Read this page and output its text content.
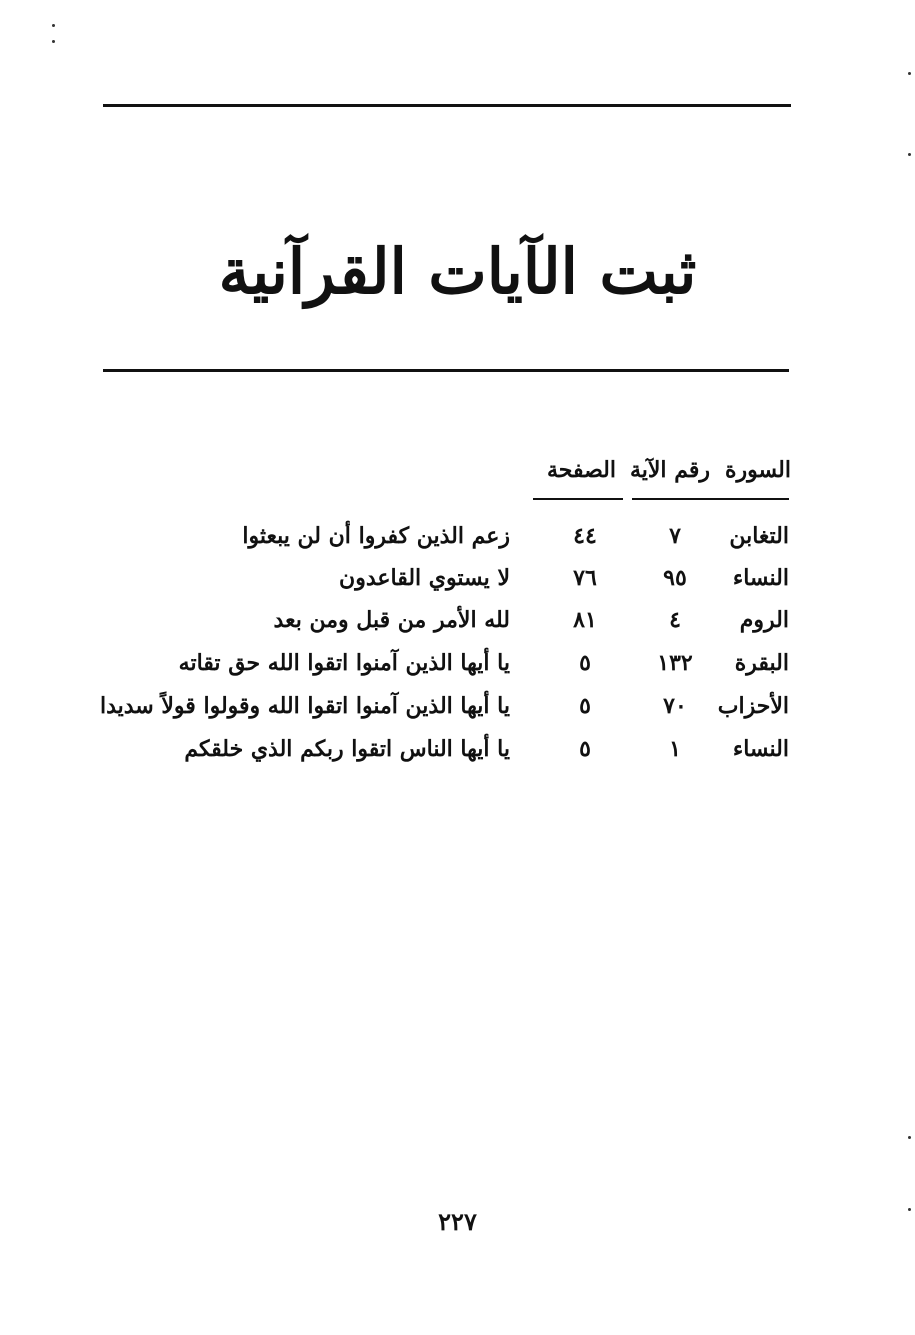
ثبت الآيات القرآنية
السورة
رقم الآية
الصفحة
التغابن
٧
٤٤
زعم الذين كفروا أن لن يبعثوا
النساء
٩٥
٧٦
لا يستوي القاعدون
الروم
٤
٨١
لله الأمر من قبل ومن بعد
البقرة
١٣٢
٥
يا أيها الذين آمنوا اتقوا الله حق تقاته
الأحزاب
٧٠
٥
يا أيها الذين آمنوا اتقوا الله وقولوا قولاً سديدا
النساء
١
٥
يا أيها الناس اتقوا ربكم الذي خلقكم
٢٢٧
